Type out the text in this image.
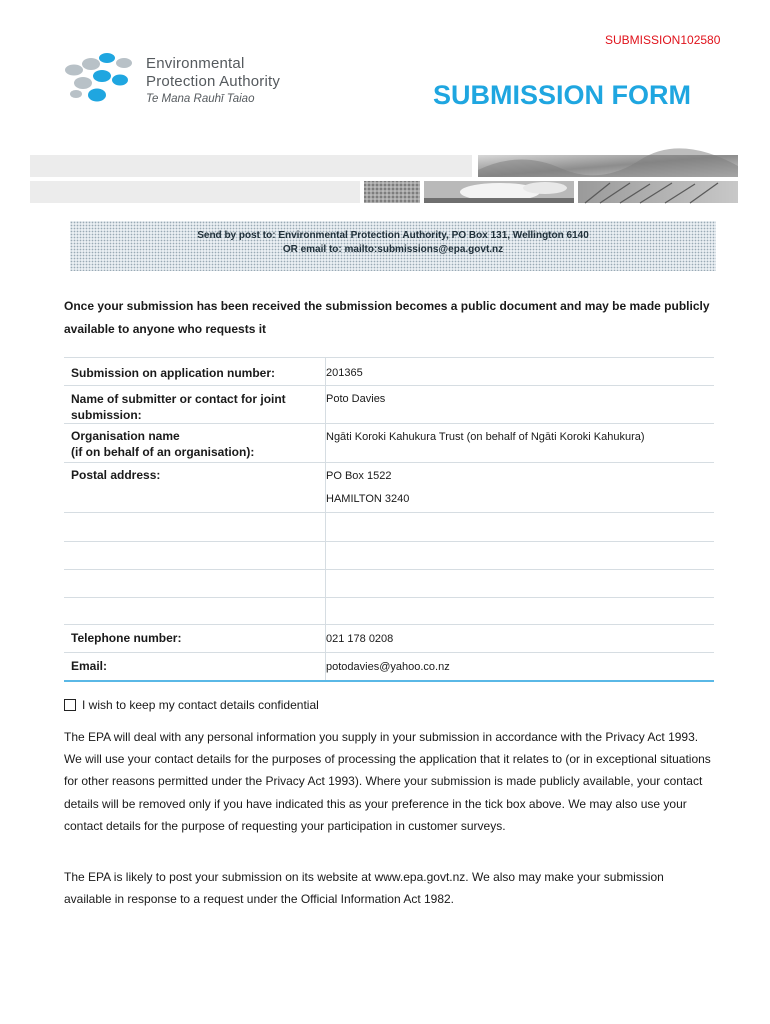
SUBMISSION102580
Environmental
Protection Authority
Te Mana Rauhī Taiao	SUBMISSION FORM
Send by post to: Environmental Protection Authority, PO Box 131, Wellington 6140
OR email to: mailto:submissions@epa.govt.nz
Once your submission has been received the submission becomes a public document and may be made publicly available to anyone who requests it
Submission on application number:	201365
Name of submitter or contact for joint submission:
Poto Davies
Organisation name
(if on behalf of an organisation):
Ngāti Koroki Kahukura Trust (on behalf of Ngāti Koroki Kahukura)
Postal address:	PO Box 1522
HAMILTON 3240
Telephone number:	021 178 0208
Email:	potodavies@yahoo.co.nz
I wish to keep my contact details confidential
The EPA will deal with any personal information you supply in your submission in accordance with the Privacy Act 1993. We will use your contact details for the purposes of processing the application that it relates to (or in exceptional situations for other reasons permitted under the Privacy Act 1993). Where your submission is made publicly available, your contact details will be removed only if you have indicated this as your preference in the tick box above. We may also use your contact details for the purpose of requesting your participation in customer surveys.
The EPA is likely to post your submission on its website at www.epa.govt.nz. We also may make your submission available in response to a request under the Official Information Act 1982.
